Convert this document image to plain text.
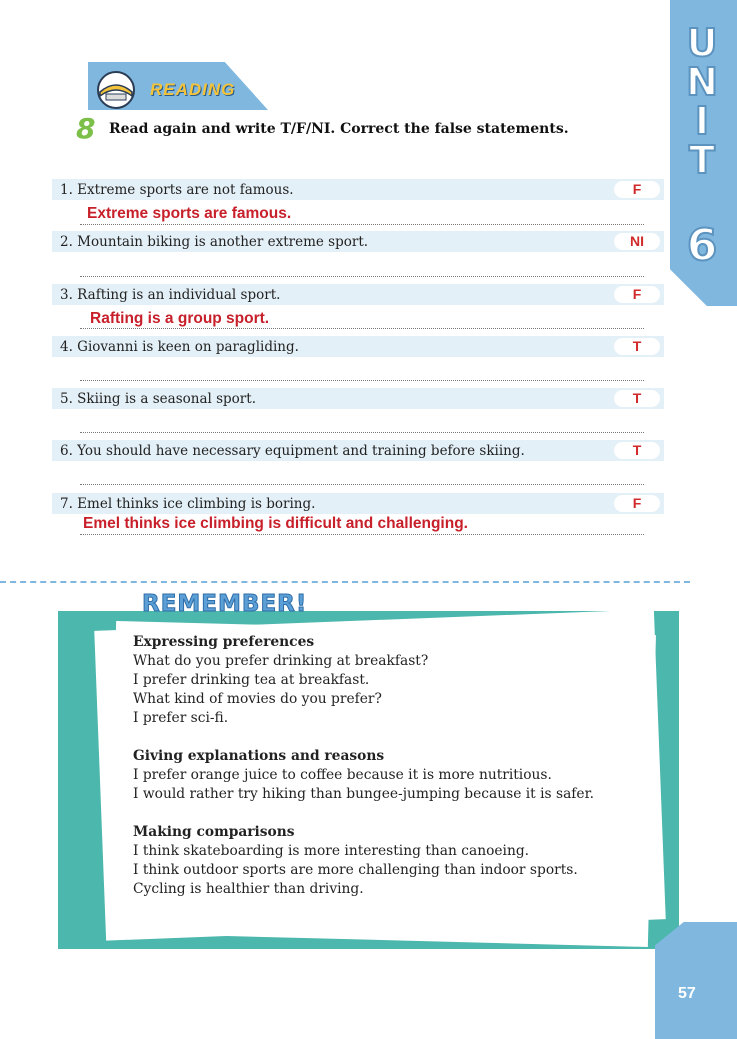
READING
U
N
I
T
6
8 Read again and write T/F/NI. Correct the false statements.
1. Extreme sports are not famous.	F
Extreme sports are famous.
2. Mountain biking is another extreme sport.	NI
3. Rafting is an individual sport.	F
Rafting is a group sport.
4. Giovanni is keen on paragliding.	T
5. Skiing is a seasonal sport.	T
6. You should have necessary equipment and training before skiing.	T
7. Emel thinks ice climbing is boring.	F
Emel thinks ice climbing is difficult and challenging.
REMEMBER!
Expressing preferences
What do you prefer drinking at breakfast?
I prefer drinking tea at breakfast.
What kind of movies do you prefer?
I prefer sci-fi.
Giving explanations and reasons
I prefer orange juice to coffee because it is more nutritious.
I would rather try hiking than bungee-jumping because it is safer.
Making comparisons
I think skateboarding is more interesting than canoeing.
I think outdoor sports are more challenging than indoor sports.
Cycling is healthier than driving.
57
